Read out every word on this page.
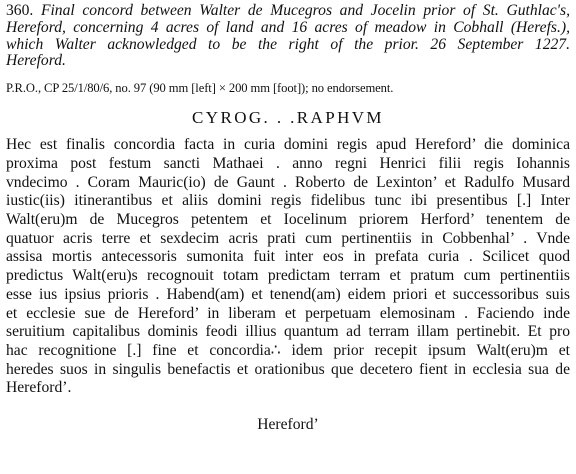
360. Final concord between Walter de Mucegros and Jocelin prior of St. Guthlac's,
Hereford, concerning 4 acres of land and 16 acres of meadow in Cobhall (Herefs.),
which Walter acknowledged to be the right of the prior. 26 September 1227.
Hereford.

P.R.O., CP 25/1/80/6, no. 97 (90 mm [left] × 200 mm [foot]); no endorsement.

CYROG. . .RAPHVM

Hec est finalis concordia facta in curia domini regis apud Hereford’ die dominica
proxima post festum sancti Mathaei . anno regni Henrici filii regis Iohannis
vndecimo . Coram Mauric(io) de Gaunt . Roberto de Lexinton’ et Radulfo Musard
iustic(iis) itinerantibus et aliis domini regis fidelibus tunc ibi presentibus [.] Inter
Walt(eru)m de Mucegros petentem et Iocelinum priorem Herford’ tenentem de
quatuor acris terre et sexdecim acris prati cum pertinentiis in Cobbenhal’ . Vnde
assisa mortis antecessoris sumonita fuit inter eos in prefata curia . Scilicet quod
predictus Walt(eru)s recognouit totam predictam terram et pratum cum pertinentiis
esse ius ipsius prioris . Habend(am) et tenend(am) eidem priori et successoribus suis
et ecclesie sue de Hereford’ in liberam et perpetuam elemosinam . Faciendo inde
seruitium capitalibus dominis feodi illius quantum ad terram illam pertinebit. Et pro
hac recognitione [.] fine et concordia∴ idem prior recepit ipsum Walt(eru)m et
heredes suos in singulis benefactis et orationibus que decetero fient in ecclesia sua de
Hereford’.

Hereford’
